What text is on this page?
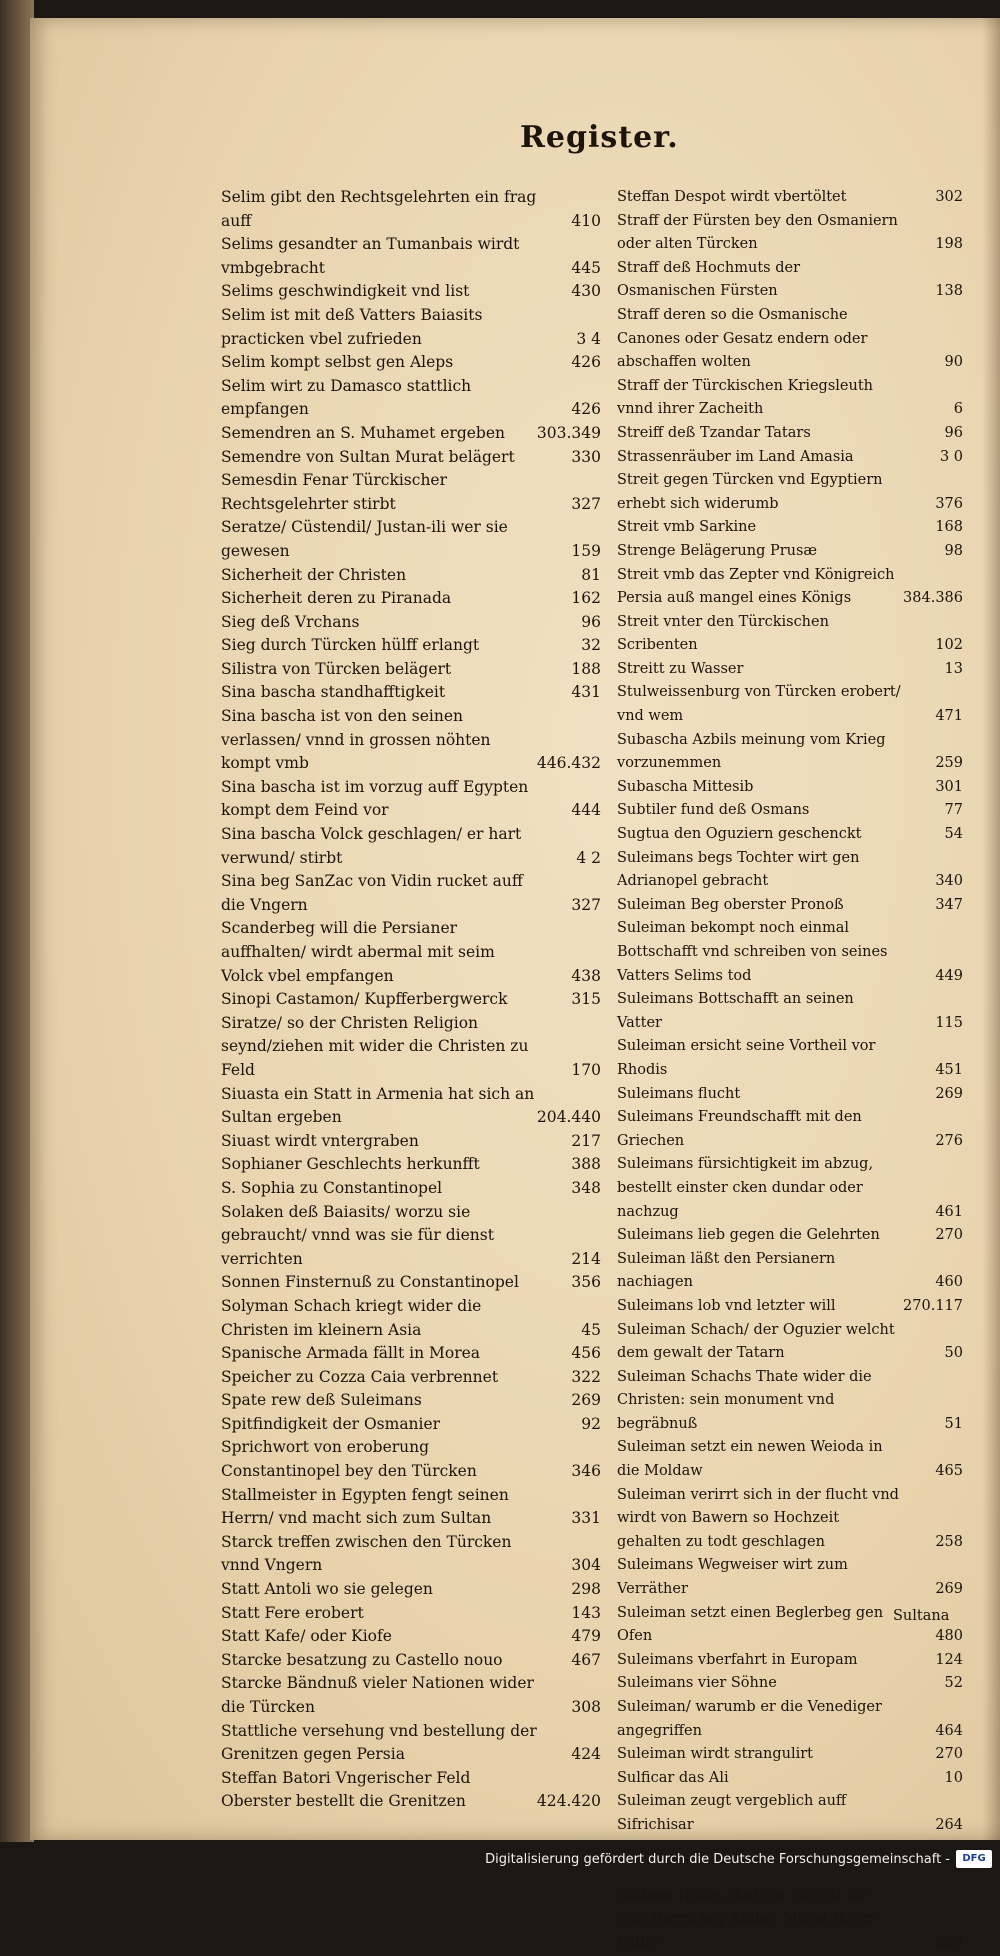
Register.
Selim gibt den Rechtsgelehrten ein frag auff	410
Selims gesandter an Tumanbais wirdt vmbgebracht	445
Selims geschwindigkeit vnd list	430
Selim ist mit deß Vatters Baiasits practicken vbel zufrieden	3 4
Selim kompt selbst gen Aleps	426
Selim wirt zu Damasco stattlich empfangen	426
Semendren an S. Muhamet ergeben	303.349
Semendre von Sultan Murat belägert	330
Semesdin Fenar Türckischer Rechtsgelehrter stirbt	327
Seratze/ Cüstendil/ Justan-ili wer sie gewesen	159
Sicherheit der Christen	81
Sicherheit deren zu Piranada	162
Sieg deß Vrchans	96
Sieg durch Türcken hülff erlangt	32
Silistra von Türcken belägert	188
Sina bascha standhafftigkeit	431
Sina bascha ist von den seinen verlassen/ vnnd in grossen nöhten kompt vmb	446.432
Sina bascha ist im vorzug auff Egypten kompt dem Feind vor	444
Sina bascha Volck geschlagen/ er hart verwund/ stirbt	4 2
Sina beg SanZac von Vidin rucket auff die Vngern	327
Scanderbeg will die Persianer auffhalten/ wirdt abermal mit seim Volck vbel empfangen	438
Sinopi Castamon/ Kupfferbergwerck	315
Siratze/ so der Christen Religion seynd/ziehen mit wider die Christen zu Feld	170
Siuasta ein Statt in Armenia hat sich an Sultan ergeben	204.440
Siuast wirdt vntergraben	217
Sophianer Geschlechts herkunfft	388
S. Sophia zu Constantinopel	348
Solaken deß Baiasits/ worzu sie gebraucht/ vnnd was sie für dienst verrichten	214
Sonnen Finsternuß zu Constantinopel	356
Solyman Schach kriegt wider die Christen im kleinern Asia	45
Spanische Armada fällt in Morea	456
Speicher zu Cozza Caia verbrennet	322
Spate rew deß Suleimans	269
Spitfindigkeit der Osmanier	92
Sprichwort von eroberung Constantinopel bey den Türcken	346
Stallmeister in Egypten fengt seinen Herrn/ vnd macht sich zum Sultan	331
Starck treffen zwischen den Türcken vnnd Vngern	304
Statt Antoli wo sie gelegen	298
Statt Fere erobert	143
Statt Kafe/ oder Kiofe	479
Starcke besatzung zu Castello nouo	467
Starcke Bändnuß vieler Nationen wider die Türcken	308
Stattliche versehung vnd bestellung der Grenitzen gegen Persia	424
Steffan Batori Vngerischer Feld Oberster bestellt die Grenitzen	424.420
Steffan Despot wirdt vbertöltet	302
Straff der Fürsten bey den Osmaniern oder alten Türcken	198
Straff deß Hochmuts der Osmanischen Fürsten	138
Straff deren so die Osmanische Canones oder Gesatz endern oder abschaffen wolten	90
Straff der Türckischen Kriegsleuth vnnd ihrer Zacheith	6
Streiff deß Tzandar Tatars	96
Strassenräuber im Land Amasia	3 0
Streit gegen Türcken vnd Egyptiern erhebt sich widerumb	376
Streit vmb Sarkine	168
Strenge Belägerung Prusæ	98
Streit vmb das Zepter vnd Königreich Persia auß mangel eines Königs	384.386
Streit vnter den Türckischen Scribenten	102
Streitt zu Wasser	13
Stulweissenburg von Türcken erobert/ vnd wem	471
Subascha Azbils meinung vom Krieg vorzunemmen	259
Subascha Mittesib	301
Subtiler fund deß Osmans	77
Sugtua den Oguziern geschenckt	54
Suleimans begs Tochter wirt gen Adrianopel gebracht	340
Suleiman Beg oberster Pronoß	347
Suleiman bekompt noch einmal Bottschafft vnd schreiben von seines Vatters Selims tod	449
Suleimans Bottschafft an seinen Vatter	115
Suleiman ersicht seine Vortheil vor Rhodis	451
Suleimans flucht	269
Suleimans Freundschafft mit den Griechen	276
Suleimans fürsichtigkeit im abzug, bestellt einster cken dundar oder nachzug	461
Suleimans lieb gegen die Gelehrten	270
Suleiman läßt den Persianern nachiagen	460
Suleimans lob vnd letzter will	270.117
Suleiman Schach/ der Oguzier welcht dem gewalt der Tatarn	50
Suleiman Schachs Thate wider die Christen: sein monument vnd begräbnuß	51
Suleiman setzt ein newen Weioda in die Moldaw	465
Suleiman verirrt sich in der flucht vnd wirdt von Bawern so Hochzeit gehalten zu todt geschlagen	258
Suleimans Wegweiser wirt zum Verräther	269
Suleiman setzt einen Beglerbeg gen Ofen	480
Suleimans vberfahrt in Europam	124
Suleimans vier Söhne	52
Suleiman/ warumb er die Venediger angegriffen	464
Suleiman wirdt strangulirt	270
Sulficar das Ali	10
Suleiman zeugt vergeblich auff Sifrichisar	264
Sultana Hatun thut ein Fürbitt für iren Herrn bey Sultan Murat ihrem Vatter	353
Sultana
Digitalisierung gefördert durch die Deutsche Forschungsgemeinschaft -	DFG
